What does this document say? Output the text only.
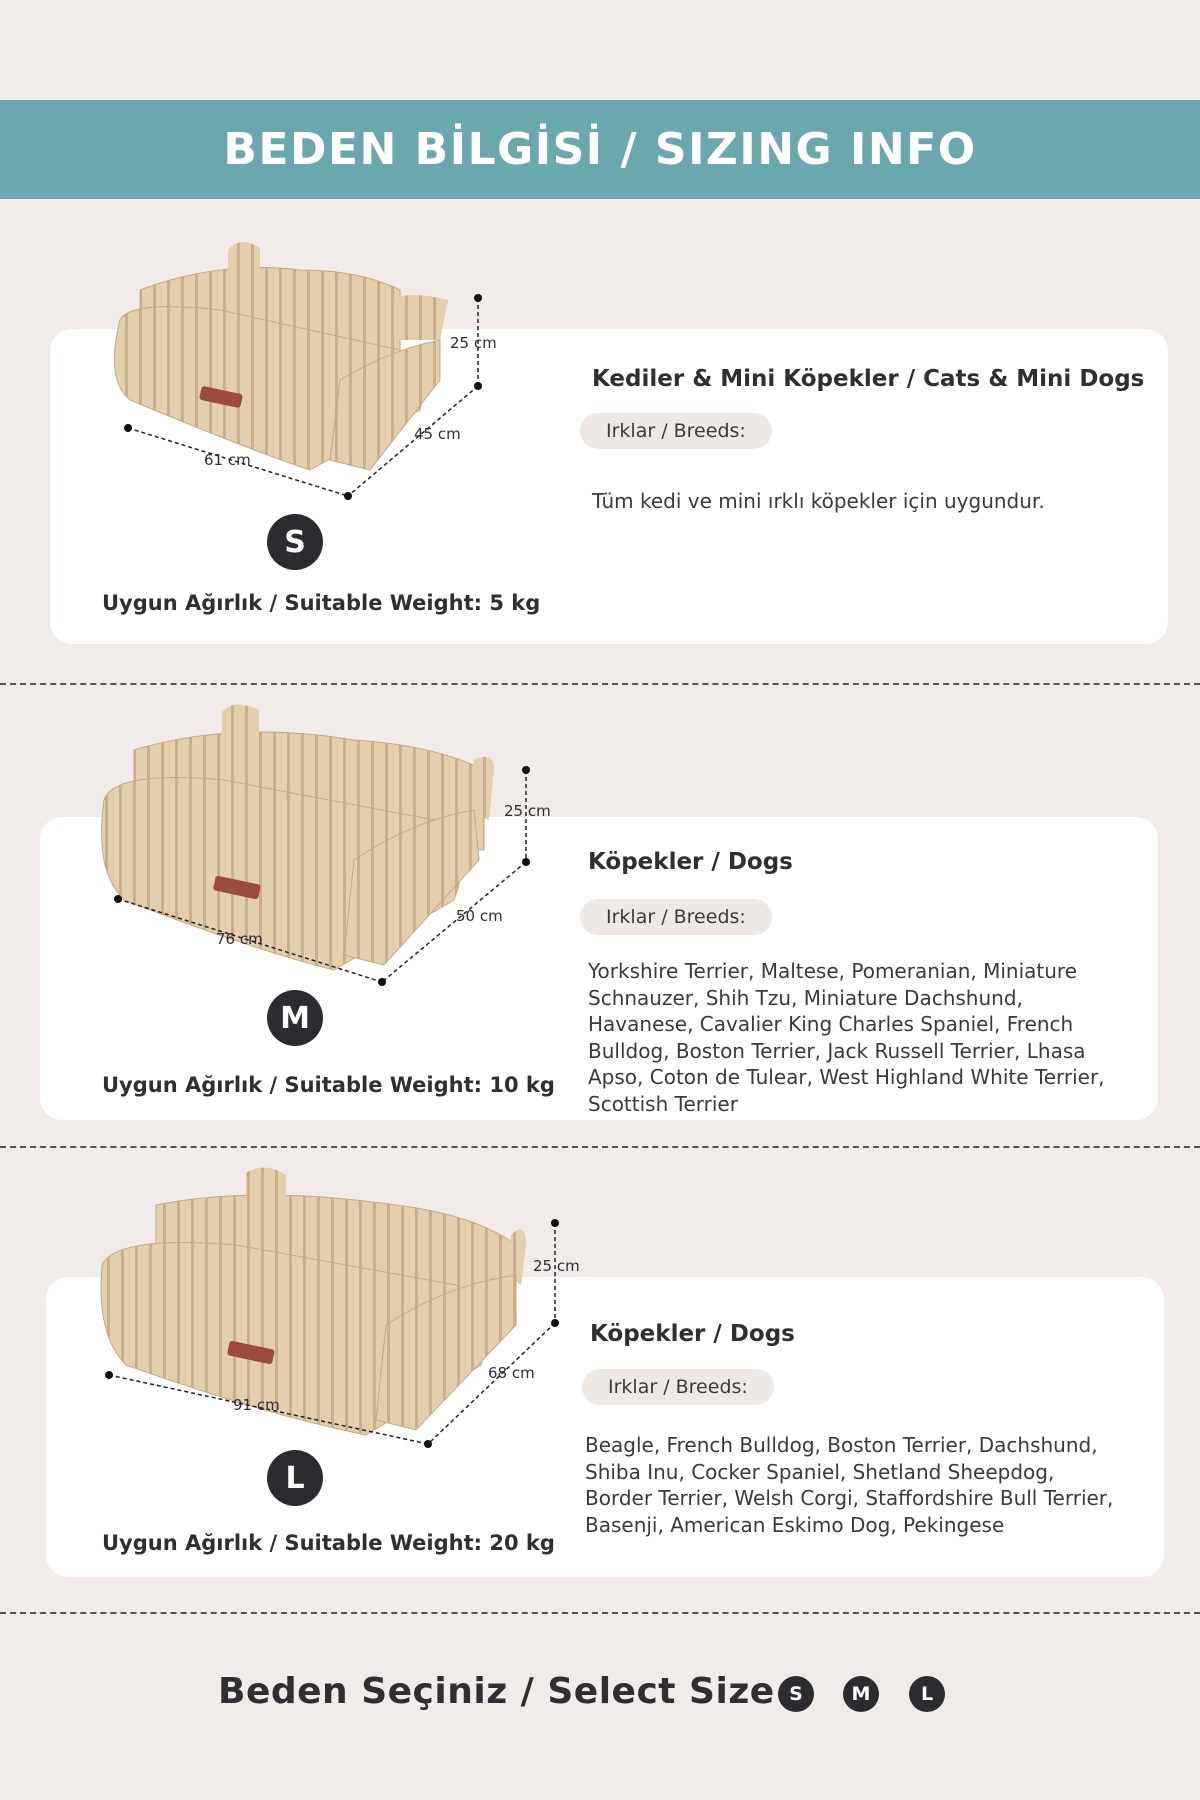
BEDEN BİLGİSİ / SIZING INFO
25 cm
45 cm
61 cm
S
Uygun Ağırlık / Suitable Weight: 5 kg
Kediler & Mini Köpekler / Cats & Mini Dogs
Irklar / Breeds:
Tüm kedi ve mini ırklı köpekler için uygundur.
25 cm
50 cm
76 cm
M
Uygun Ağırlık / Suitable Weight: 10 kg
Köpekler / Dogs
Irklar / Breeds:
Yorkshire Terrier, Maltese, Pomeranian, Miniature Schnauzer, Shih Tzu, Miniature Dachshund, Havanese, Cavalier King Charles Spaniel, French Bulldog, Boston Terrier, Jack Russell Terrier, Lhasa Apso, Coton de Tulear, West Highland White Terrier, Scottish Terrier
25 cm
68 cm
91 cm
L
Uygun Ağırlık / Suitable Weight: 20 kg
Köpekler / Dogs
Irklar / Breeds:
Beagle, French Bulldog, Boston Terrier, Dachshund, Shiba Inu, Cocker Spaniel, Shetland Sheepdog, Border Terrier, Welsh Corgi, Staffordshire Bull Terrier, Basenji, American Eskimo Dog, Pekingese
Beden Seçiniz / Select Size S	M	L
